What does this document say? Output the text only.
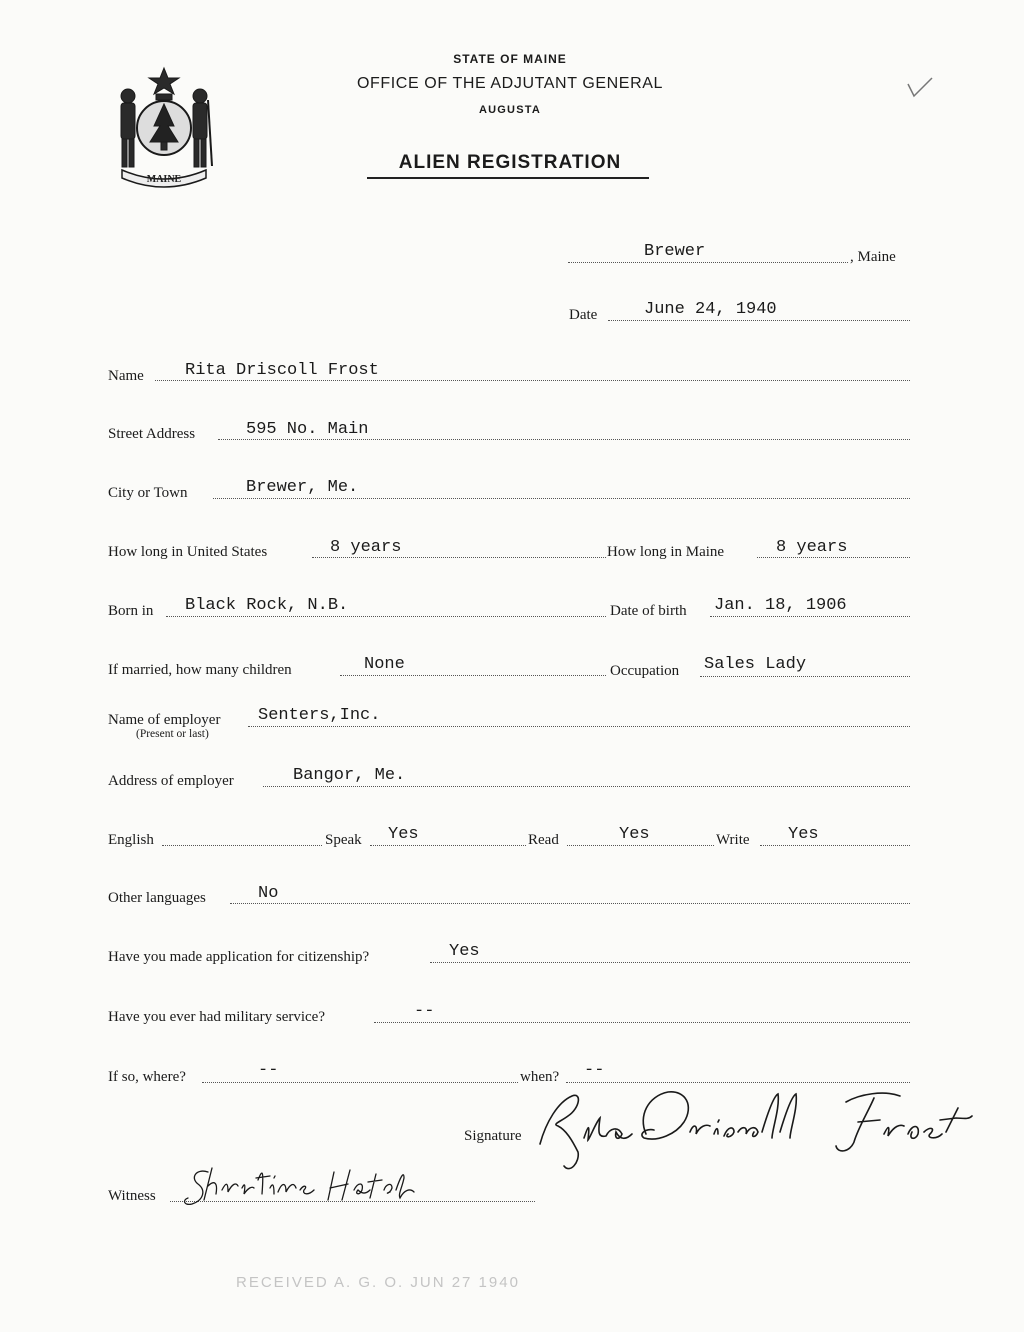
MAINE
STATE OF MAINE
OFFICE OF THE ADJUTANT GENERAL
AUGUSTA
ALIEN REGISTRATION
Brewer	, Maine
Date	June 24, 1940
Name Rita Driscoll Frost
Street Address	595 No. Main
City or Town	Brewer, Me.
How long in United States	8 years	How long in Maine	8 years
Born in Black Rock, N.B.	Date of birth Jan. 18, 1906
If married, how many children	None	Occupation Sales Lady
Name of employer
(Present or last)
Senters,Inc.
Address of employer	Bangor, Me.
English	Speak Yes	Read	Yes	Write Yes
Other languages	No
Have you made application for citizenship?	Yes
Have you ever had military service?	--
If so, where?	--	when? --
Signature
Witness
RECEIVED A. G. O. JUN 27 1940
